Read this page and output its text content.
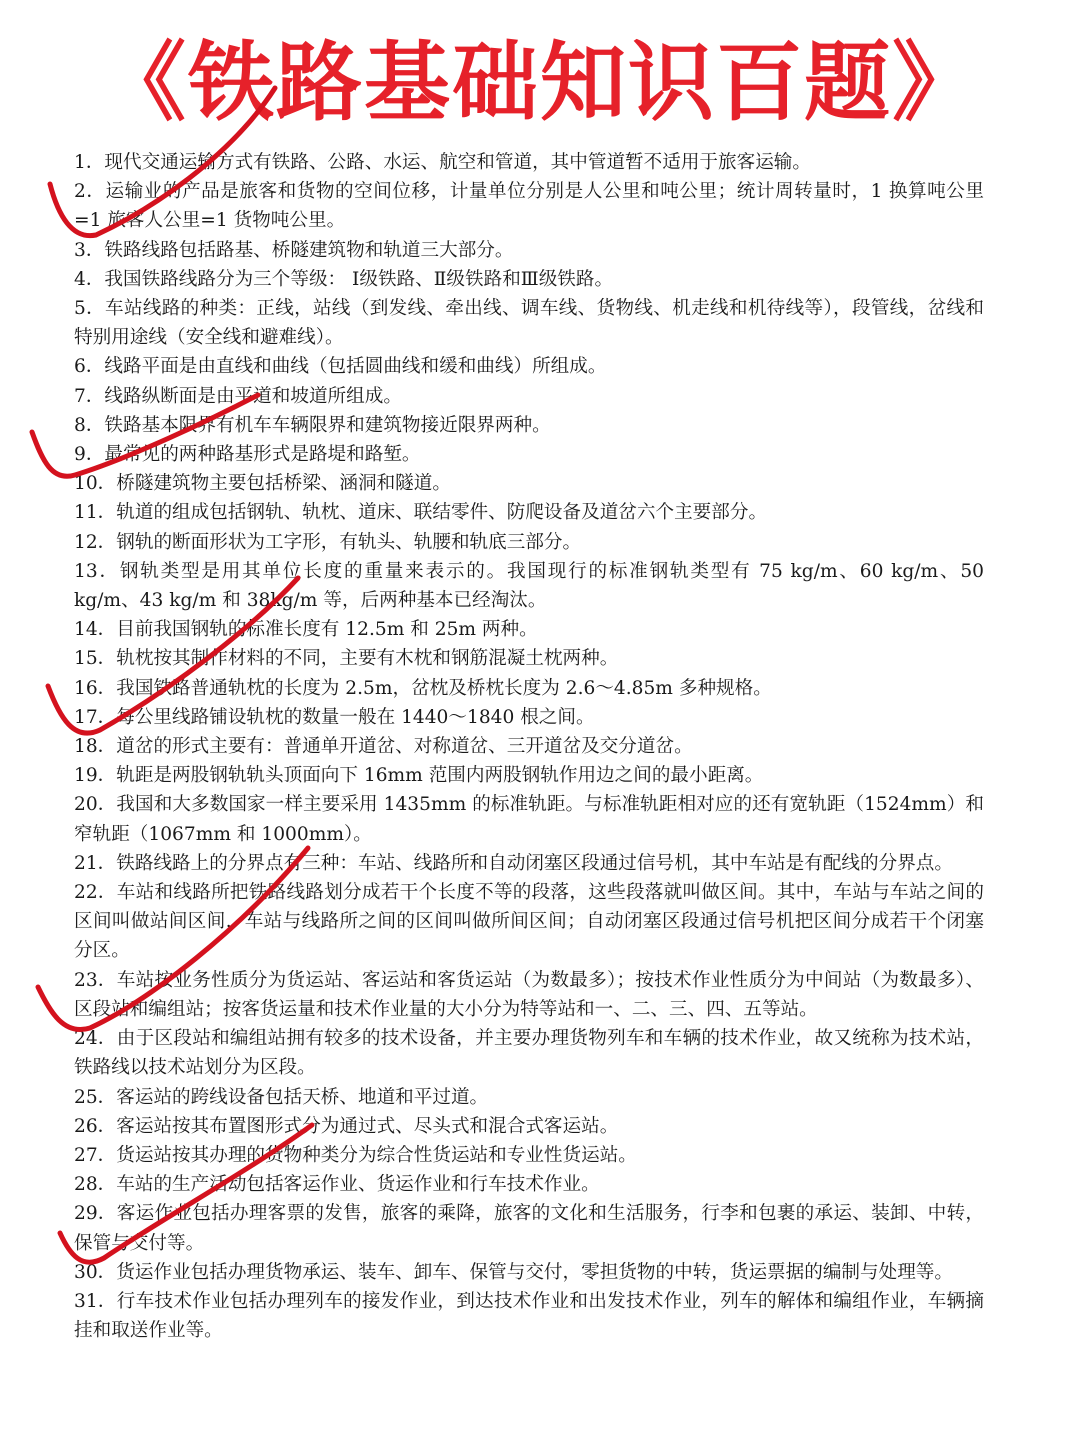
《铁路基础知识百题》
1．现代交通运输方式有铁路、公路、水运、航空和管道，其中管道暂不适用于旅客运输。
2．运输业的产品是旅客和货物的空间位移，计量单位分别是人公里和吨公里；统计周转量时，1 换算吨公里=1 旅客人公里=1 货物吨公里。
3．铁路线路包括路基、桥隧建筑物和轨道三大部分。
4．我国铁路线路分为三个等级： Ⅰ级铁路、Ⅱ级铁路和Ⅲ级铁路。
5．车站线路的种类：正线，站线（到发线、牵出线、调车线、货物线、机走线和机待线等），段管线，岔线和特别用途线（安全线和避难线）。
6．线路平面是由直线和曲线（包括圆曲线和缓和曲线）所组成。
7．线路纵断面是由平道和坡道所组成。
8．铁路基本限界有机车车辆限界和建筑物接近限界两种。
9．最常见的两种路基形式是路堤和路堑。
10．桥隧建筑物主要包括桥梁、涵洞和隧道。
11．轨道的组成包括钢轨、轨枕、道床、联结零件、防爬设备及道岔六个主要部分。
12．钢轨的断面形状为工字形，有轨头、轨腰和轨底三部分。
13．钢轨类型是用其单位长度的重量来表示的。我国现行的标准钢轨类型有 75 kg/m、60 kg/m、50 kg/m、43 kg/m 和 38kg/m 等，后两种基本已经淘汰。
14．目前我国钢轨的标准长度有 12.5m 和 25m 两种。
15．轨枕按其制作材料的不同，主要有木枕和钢筋混凝土枕两种。
16．我国铁路普通轨枕的长度为 2.5m，岔枕及桥枕长度为 2.6～4.85m 多种规格。
17．每公里线路铺设轨枕的数量一般在 1440～1840 根之间。
18．道岔的形式主要有：普通单开道岔、对称道岔、三开道岔及交分道岔。
19．轨距是两股钢轨轨头顶面向下 16mm 范围内两股钢轨作用边之间的最小距离。
20．我国和大多数国家一样主要采用 1435mm 的标准轨距。与标准轨距相对应的还有宽轨距（1524mm）和窄轨距（1067mm 和 1000mm）。
21．铁路线路上的分界点有三种：车站、线路所和自动闭塞区段通过信号机，其中车站是有配线的分界点。
22．车站和线路所把铁路线路划分成若干个长度不等的段落，这些段落就叫做区间。其中，车站与车站之间的区间叫做站间区间，车站与线路所之间的区间叫做所间区间；自动闭塞区段通过信号机把区间分成若干个闭塞分区。
23．车站按业务性质分为货运站、客运站和客货运站（为数最多）；按技术作业性质分为中间站（为数最多）、区段站和编组站；按客货运量和技术作业量的大小分为特等站和一、二、三、四、五等站。
24．由于区段站和编组站拥有较多的技术设备，并主要办理货物列车和车辆的技术作业，故又统称为技术站，铁路线以技术站划分为区段。
25．客运站的跨线设备包括天桥、地道和平过道。
26．客运站按其布置图形式分为通过式、尽头式和混合式客运站。
27．货运站按其办理的货物种类分为综合性货运站和专业性货运站。
28．车站的生产活动包括客运作业、货运作业和行车技术作业。
29．客运作业包括办理客票的发售，旅客的乘降，旅客的文化和生活服务，行李和包裹的承运、装卸、中转，保管与交付等。
30．货运作业包括办理货物承运、装车、卸车、保管与交付，零担货物的中转，货运票据的编制与处理等。
31．行车技术作业包括办理列车的接发作业，到达技术作业和出发技术作业，列车的解体和编组作业，车辆摘挂和取送作业等。
